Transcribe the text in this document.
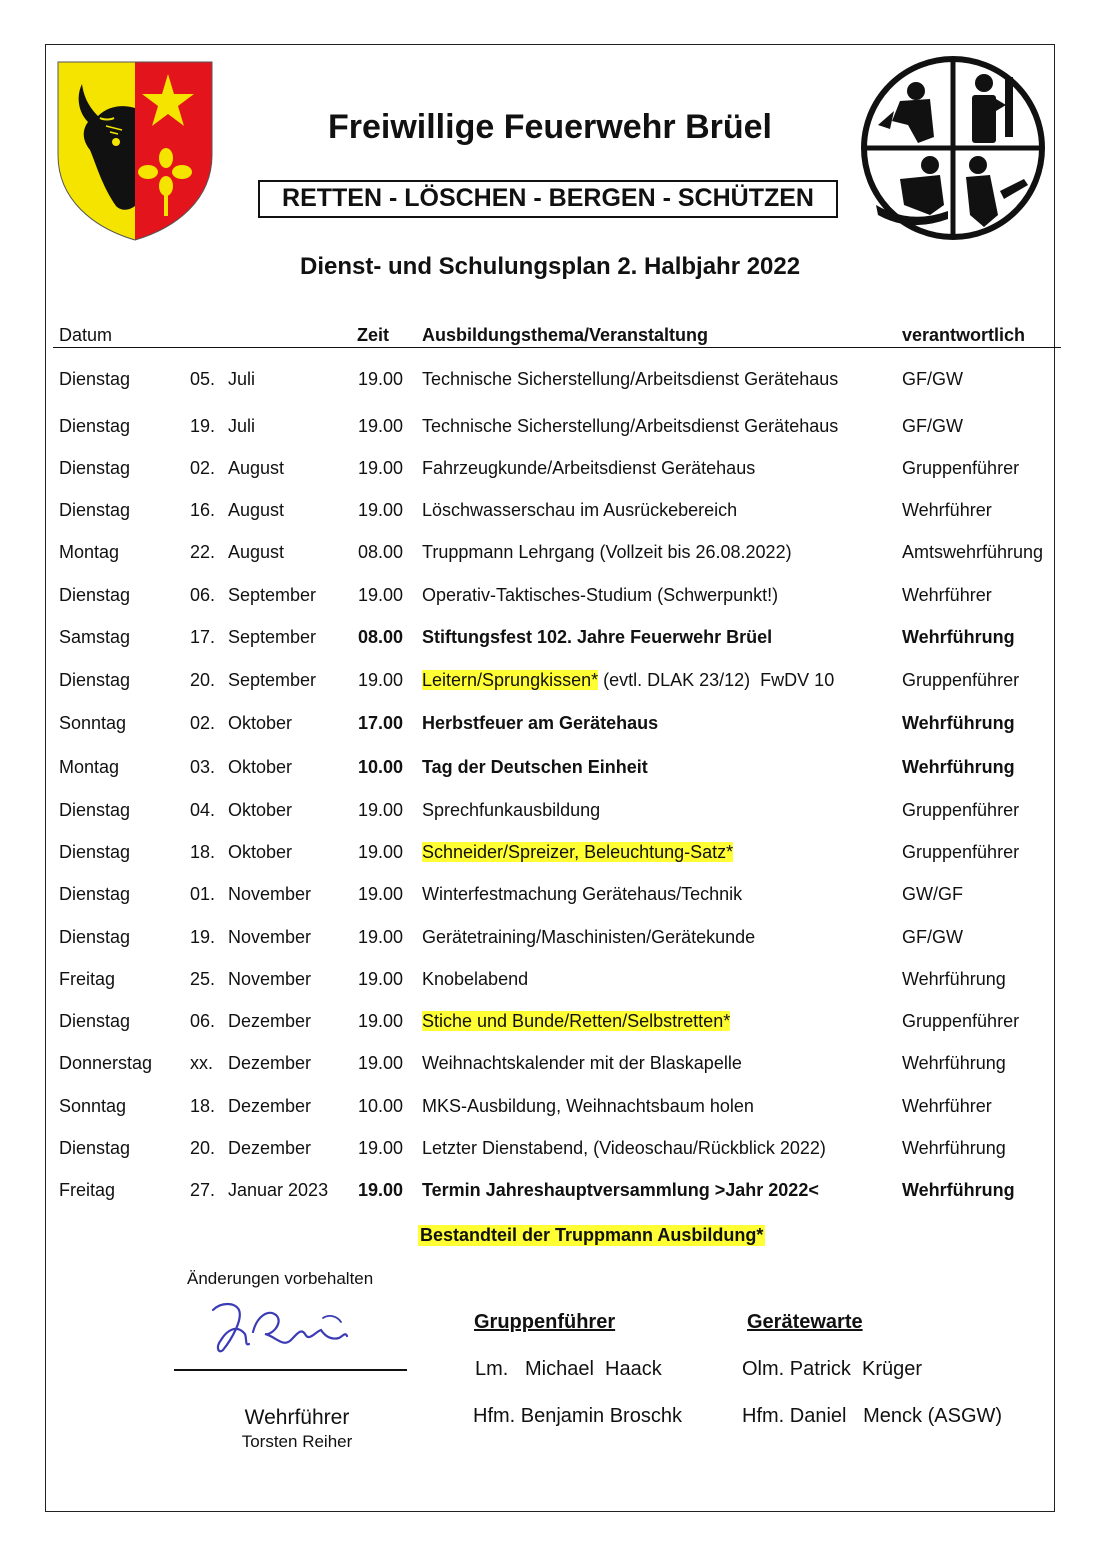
Freiwillige Feuerwehr Brüel
RETTEN - LÖSCHEN - BERGEN - SCHÜTZEN
Dienst- und Schulungsplan 2. Halbjahr 2022
Datum	Zeit Ausbildungsthema/Veranstaltung	verantwortlich
Dienstag	05. Juli	19.00 Technische Sicherstellung/Arbeitsdienst Gerätehaus	GF/GW
Dienstag	19. Juli	19.00 Technische Sicherstellung/Arbeitsdienst Gerätehaus	GF/GW
Dienstag	02. August	19.00 Fahrzeugkunde/Arbeitsdienst Gerätehaus	Gruppenführer
Dienstag	16. August	19.00 Löschwasserschau im Ausrückebereich	Wehrführer
Montag	22. August	08.00 Truppmann Lehrgang (Vollzeit bis 26.08.2022)	Amtswehrführung
Dienstag	06. September 19.00 Operativ-Taktisches-Studium (Schwerpunkt!)	Wehrführer
Samstag	17. September 08.00 Stiftungsfest 102. Jahre Feuerwehr Brüel	Wehrführung
Dienstag	20. September 19.00 Leitern/Sprungkissen* (evtl. DLAK 23/12)  FwDV 10	Gruppenführer
Sonntag	02. Oktober	17.00 Herbstfeuer am Gerätehaus	Wehrführung
Montag	03. Oktober	10.00 Tag der Deutschen Einheit	Wehrführung
Dienstag	04. Oktober	19.00 Sprechfunkausbildung	Gruppenführer
Dienstag	18. Oktober	19.00 Schneider/Spreizer, Beleuchtung-Satz*	Gruppenführer
Dienstag	01. November	19.00 Winterfestmachung Gerätehaus/Technik	GW/GF
Dienstag	19. November	19.00 Gerätetraining/Maschinisten/Gerätekunde	GF/GW
Freitag	25. November	19.00 Knobelabend	Wehrführung
Dienstag	06. Dezember	19.00 Stiche und Bunde/Retten/Selbstretten*	Gruppenführer
Donnerstag xx. Dezember	19.00 Weihnachtskalender mit der Blaskapelle	Wehrführung
Sonntag	18. Dezember	10.00 MKS-Ausbildung, Weihnachtsbaum holen	Wehrführer
Dienstag	20. Dezember	19.00 Letzter Dienstabend, (Videoschau/Rückblick 2022)	Wehrführung
Freitag	27. Januar 2023 19.00 Termin Jahreshauptversammlung >Jahr 2022<	Wehrführung
Bestandteil der Truppmann Ausbildung*
Änderungen vorbehalten
Wehrführer
Torsten Reiher
Gruppenführer
Lm.   Michael  Haack
Hfm. Benjamin Broschk
Gerätewarte
Olm. Patrick  Krüger
Hfm. Daniel   Menck (ASGW)
